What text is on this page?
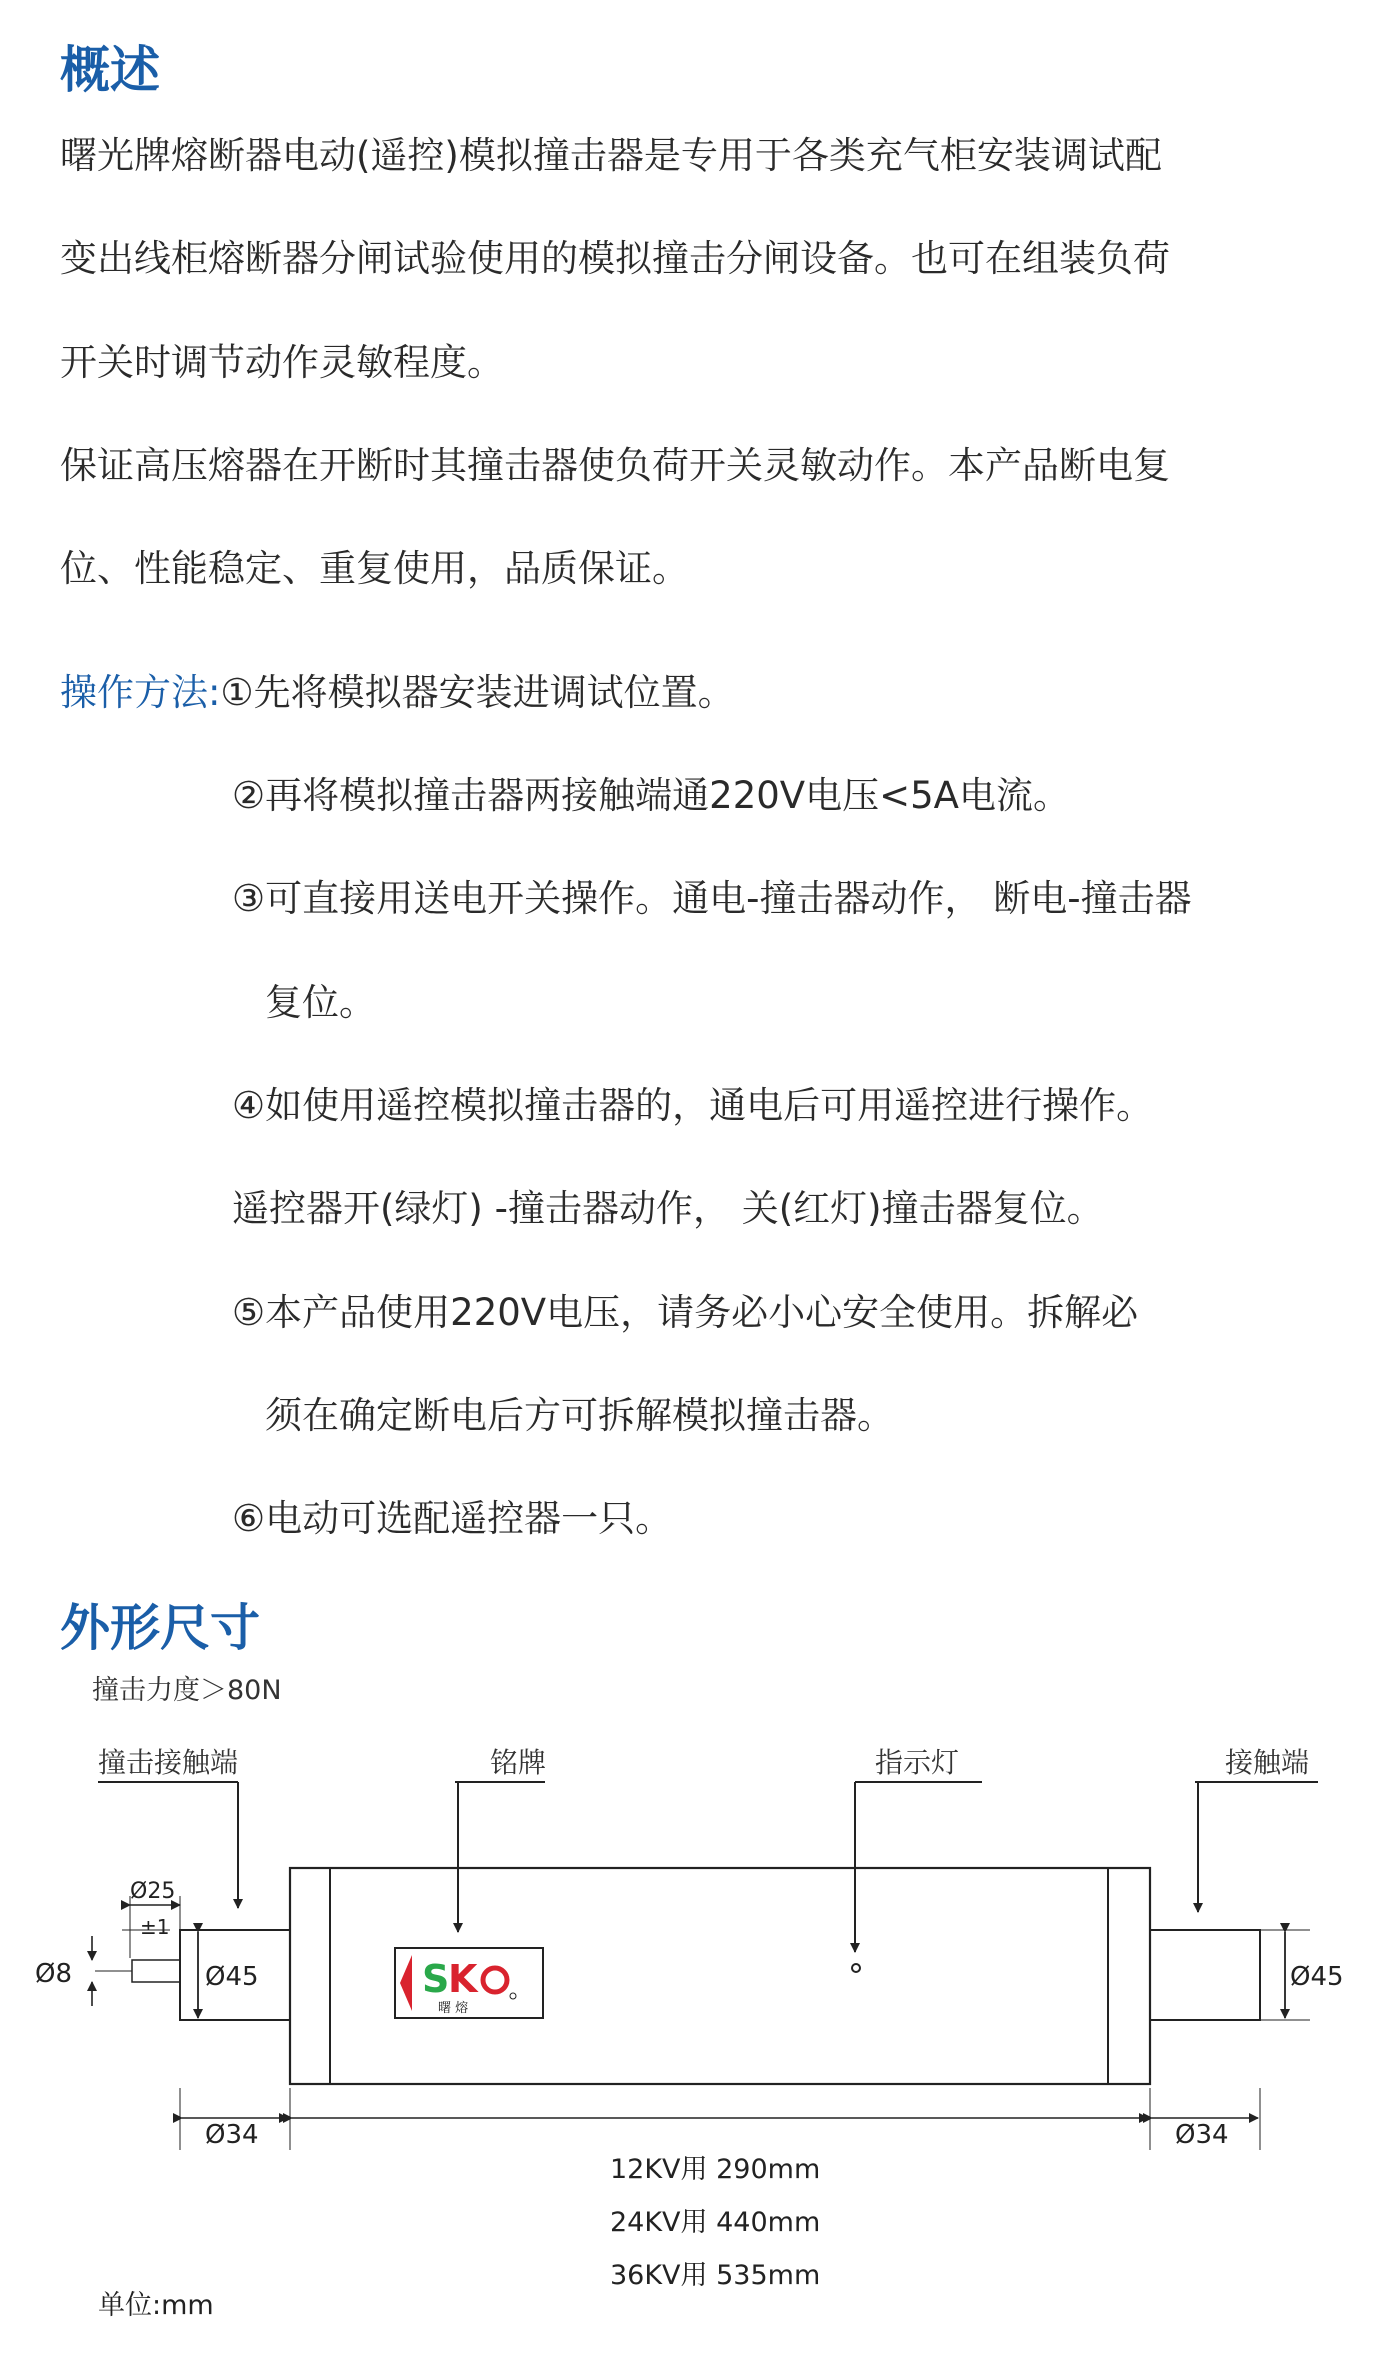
概述
曙光牌熔断器电动(遥控)模拟撞击器是专用于各类充气柜安装调试配
变出线柜熔断器分闸试验使用的模拟撞击分闸设备。也可在组装负荷
开关时调节动作灵敏程度。
保证高压熔器在开断时其撞击器使负荷开关灵敏动作。本产品断电复
位、性能稳定、重复使用，品质保证。
操作方法:①先将模拟器安装进调试位置。
②再将模拟撞击器两接触端通220V电压<5A电流。
③可直接用送电开关操作。通电-撞击器动作， 断电-撞击器
复位。
④如使用遥控模拟撞击器的，通电后可用遥控进行操作。
遥控器开(绿灯) -撞击器动作， 关(红灯)撞击器复位。
⑤本产品使用220V电压，请务必小心安全使用。拆解必
须在确定断电后方可拆解模拟撞击器。
⑥电动可选配遥控器一只。
外形尺寸
撞击力度＞80N
撞击接触端	铭牌	指示灯	接触端
Ø45
Ø45
Ø8
Ø25
±1
S
K
曙 熔
Ø34	Ø34
12KV用 290mm
24KV用 440mm
36KV用 535mm
单位:mm
